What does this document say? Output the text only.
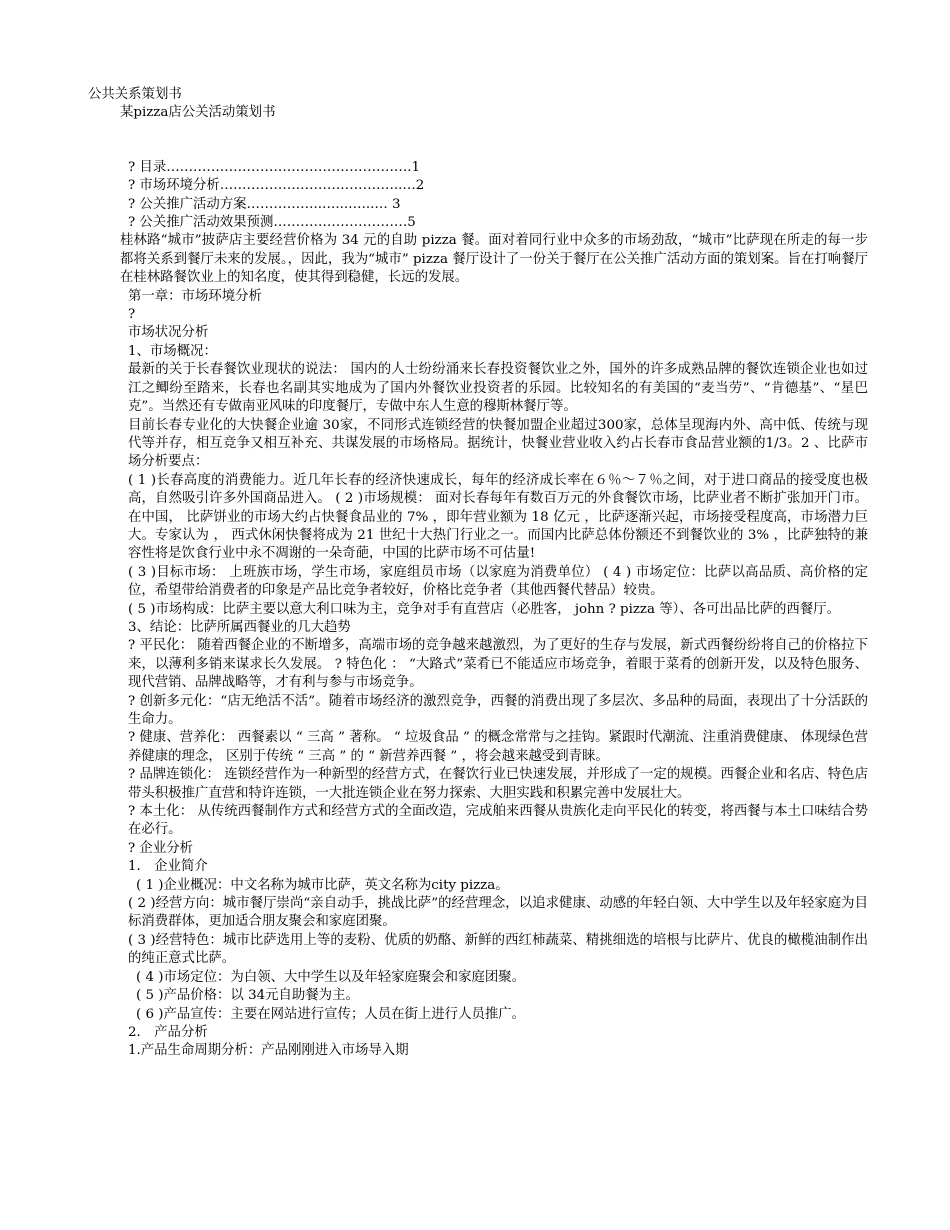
公共关系策划书
某pizza店公关活动策划书
? 目录……………………………………………….1
? 市场环境分析…………………………………..…2
? 公关推广活动方案……………..…...…...… 3
? 公关推广活动效果预测…………………………5
桂林路“城市”披萨店主要经营价格为 34 元的自助 pizza 餐。面对着同行业中众多的市场劲敌，“城市”比萨现在所走的每一步都将关系到餐厅未来的发展。，因此，我为“城市” pizza 餐厅设计了一份关于餐厅在公关推广活动方面的策划案。旨在打响餐厅在桂林路餐饮业上的知名度，使其得到稳健，长远的发展。
第一章：市场环境分析
?
市场状况分析
1、市场概况：
最新的关于长春餐饮业现状的说法： 国内的人士纷纷涌来长春投资餐饮业之外，国外的许多成熟品牌的餐饮连锁企业也如过江之鲫纷至踏来，长春也名副其实地成为了国内外餐饮业投资者的乐园。比较知名的有美国的“麦当劳”、“肯德基”、“星巴克”。当然还有专做南亚风味的印度餐厅，专做中东人生意的穆斯林餐厅等。
目前长春专业化的大快餐企业逾 30家，不同形式连锁经营的快餐加盟企业超过300家，总体呈现海内外、高中低、传统与现代等并存，相互竞争又相互补充、共谋发展的市场格局。据统计，快餐业营业收入约占长春市食品营业额的1/3。2 、比萨市场分析要点：
( 1 )长春高度的消费能力。近几年长春的经济快速成长，每年的经济成长率在６％～７％之间，对于进口商品的接受度也极高，自然吸引许多外国商品进入。 ( 2 )市场规模： 面对长春每年有数百万元的外食餐饮市场，比萨业者不断扩张加开门市。在中国， 比萨饼业的市场大约占快餐食品业的 7% ，即年营业额为 18 亿元 ，比萨逐渐兴起，市场接受程度高，市场潜力巨大。专家认为 ， 西式休闲快餐将成为 21 世纪十大热门行业之一。而国内比萨总体份额还不到餐饮业的 3% ，比萨独特的兼容性将是饮食行业中永不凋谢的一朵奇葩，中国的比萨市场不可估量!
( 3 )目标市场： 上班族市场，学生市场，家庭组员市场（以家庭为消费单位） ( 4 ) 市场定位：比萨以高品质、高价格的定位，希望带给消费者的印象是产品比竞争者较好，价格比竞争者（其他西餐代替品）较贵。
( 5 )市场构成：比萨主要以意大利口味为主，竞争对手有直营店（必胜客， john ? pizza 等）、各可出品比萨的西餐厅。
3、结论：比萨所属西餐业的几大趋势
? 平民化： 随着西餐企业的不断增多，高端市场的竞争越来越激烈，为了更好的生存与发展，新式西餐纷纷将自己的价格拉下来，以薄利多销来谋求长久发展。 ? 特色化 ： “大路式”菜肴已不能适应市场竞争，着眼于菜肴的创新开发，以及特色服务、现代营销、品牌战略等，才有利与参与市场竞争。
? 创新多元化：“店无绝活不活”。随着市场经济的激烈竞争，西餐的消费出现了多层次、多品种的局面，表现出了十分活跃的生命力。
? 健康、营养化： 西餐素以 “ 三高 ” 著称。 “ 垃圾食品 ” 的概念常常与之挂钩。紧跟时代潮流、注重消费健康、 体现绿色营养健康的理念， 区别于传统 “ 三高 ” 的 “ 新营养西餐 ” ，将会越来越受到青睐。
? 品牌连锁化： 连锁经营作为一种新型的经营方式，在餐饮行业已快速发展，并形成了一定的规模。西餐企业和名店、特色店带头积极推广直营和特许连锁，一大批连锁企业在努力探索、大胆实践和积累完善中发展壮大。
? 本土化： 从传统西餐制作方式和经营方式的全面改造，完成舶来西餐从贵族化走向平民化的转变，将西餐与本土口味结合势在必行。
? 企业分析
1． 企业简介
( 1 )企业概况：中文名称为城市比萨，英文名称为city pizza。
( 2 )经营方向：城市餐厅崇尚“亲自动手，挑战比萨”的经营理念，以追求健康、动感的年轻白领、大中学生以及年轻家庭为目标消费群体，更加适合朋友聚会和家庭团聚。
( 3 )经营特色：城市比萨选用上等的麦粉、优质的奶酪、新鲜的西红柿蔬菜、精挑细选的培根与比萨片、优良的橄榄油制作出的纯正意式比萨。
( 4 )市场定位：为白领、大中学生以及年轻家庭聚会和家庭团聚。
( 5 )产品价格：以 34元自助餐为主。
( 6 )产品宣传：主要在网站进行宣传；人员在街上进行人员推广。
2． 产品分析
1.产品生命周期分析：产品刚刚进入市场导入期
